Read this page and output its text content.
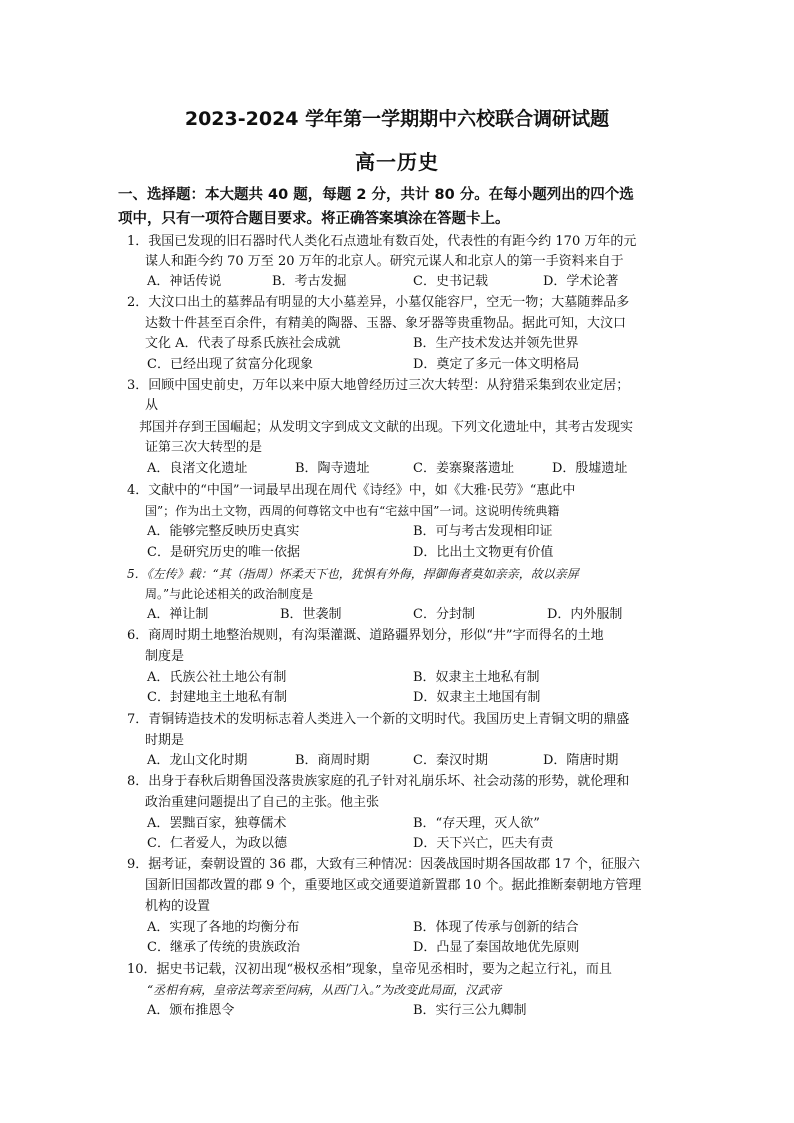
2023-2024 学年第一学期期中六校联合调研试题
高一历史
一、选择题：本大题共 40 题，每题 2 分，共计 80 分。在每小题列出的四个选
项中，只有一项符合题目要求。将正确答案填涂在答题卡上。
1．我国已发现的旧石器时代人类化石点遗址有数百处，代表性的有距今约 170 万年的元
谋人和距今约 70 万至 20 万年的北京人。研究元谋人和北京人的第一手资料来自于
A．神话传说	B．考古发掘	C．史书记载	D．学术论著
2．大汶口出土的墓葬品有明显的大小墓差异，小墓仅能容尸，空无一物；大墓随葬品多
达数十件甚至百余件，有精美的陶器、玉器、象牙器等贵重物品。据此可知，大汶口
文化 A．代表了母系氏族社会成就	B．生产技术发达并领先世界
C．已经出现了贫富分化现象	D．奠定了多元一体文明格局
3．回顾中国史前史，万年以来中原大地曾经历过三次大转型：从狩猎采集到农业定居；
从
邦国并存到王国崛起；从发明文字到成文文献的出现。下列文化遗址中，其考古发现实
证第三次大转型的是
A．良渚文化遗址	B．陶寺遗址	C．姜寨聚落遗址	D．殷墟遗址
4．文献中的“中国”一词最早出现在周代《诗经》中，如《大雅·民劳》“惠此中
国”；作为出土文物，西周的何尊铭文中也有“宅兹中国”一词。这说明传统典籍
A．能够完整反映历史真实	B．可与考古发现相印证
C．是研究历史的唯一依据	D．比出土文物更有价值
5．《左传》载：“其（指周）怀柔天下也，犹惧有外侮，捍御侮者莫如亲亲，故以亲屏
周。”与此论述相关的政治制度是
A．禅让制	B．世袭制	C．分封制	D．内外服制
6．商周时期土地整治规则，有沟渠灌溉、道路疆界划分，形似“井”字而得名的土地
制度是
A．氏族公社土地公有制	B．奴隶主土地私有制
C．封建地主土地私有制	D．奴隶主土地国有制
7．青铜铸造技术的发明标志着人类进入一个新的文明时代。我国历史上青铜文明的鼎盛
时期是
A．龙山文化时期	B．商周时期	C．秦汉时期	D．隋唐时期
8．出身于春秋后期鲁国没落贵族家庭的孔子针对礼崩乐坏、社会动荡的形势，就伦理和
政治重建问题提出了自己的主张。他主张
A．罢黜百家，独尊儒术	B．“存天理，灭人欲”
C．仁者爱人，为政以德	D．天下兴亡，匹夫有责
9．据考证，秦朝设置的 36 郡，大致有三种情况：因袭战国时期各国故郡 17 个，征服六
国新旧国都改置的郡 9 个，重要地区或交通要道新置郡 10 个。据此推断秦朝地方管理
机构的设置
A．实现了各地的均衡分布	B．体现了传承与创新的结合
C．继承了传统的贵族政治	D．凸显了秦国故地优先原则
10．据史书记载，汉初出现“极权丞相”现象，皇帝见丞相时，要为之起立行礼，而且
“丞相有病，皇帝法驾亲至问病，从西门入。”为改变此局面，汉武帝
A．颁布推恩令	B．实行三公九卿制
